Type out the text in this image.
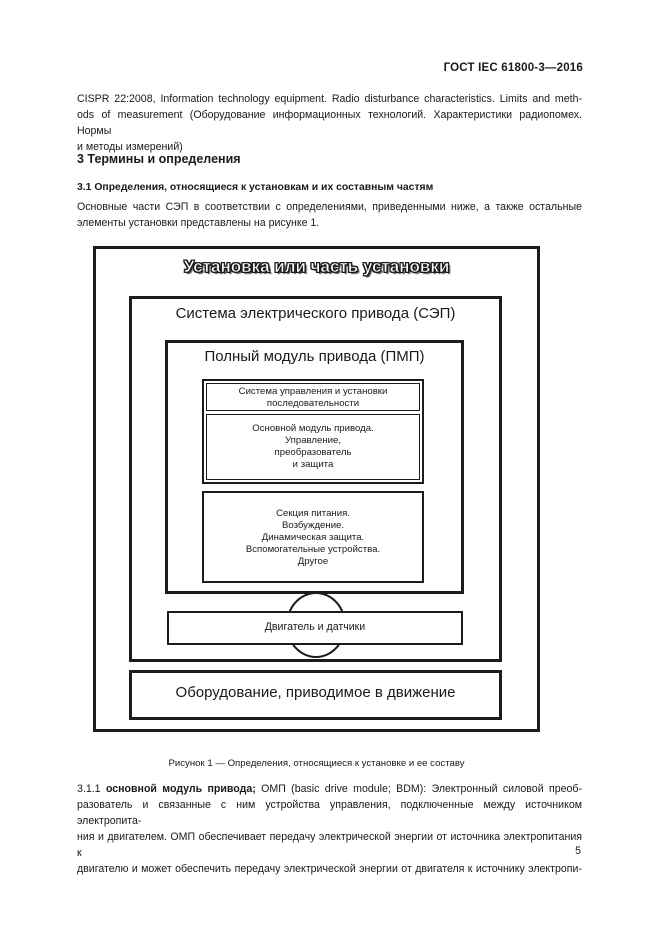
ГОСТ IEC 61800-3—2016
CISPR 22:2008, Information technology equipment. Radio disturbance characteristics. Limits and meth-
ods of measurement (Оборудование информационных технологий. Характеристики радиопомех. Нормы
и методы измерений)
3 Термины и определения
3.1 Определения, относящиеся к установкам и их составным частям
Основные части СЭП в соответствии с определениями, приведенными ниже, а также остальные
элементы установки представлены на рисунке 1.
Установка или часть установки
Система электрического привода (СЭП)
Полный модуль привода (ПМП)
Система управления и установки
последовательности
Основной модуль привода.
Управление,
преобразователь
и защита
Секция питания.
Возбуждение.
Динамическая защита.
Вспомогательные устройства.
Другое
Двигатель и датчики
Оборудование, приводимое в движение
Рисунок 1 — Определения, относящиеся к установке и ее составу
3.1.1 основной модуль привода; ОМП (basic drive module; BDM): Электронный силовой преоб-
разователь и связанные с ним устройства управления, подключенные между источником электропита-
ния и двигателем. ОМП обеспечивает передачу электрической энергии от источника электропитания к
двигателю и может обеспечить передачу электрической энергии от двигателя к источнику электропи-
5
